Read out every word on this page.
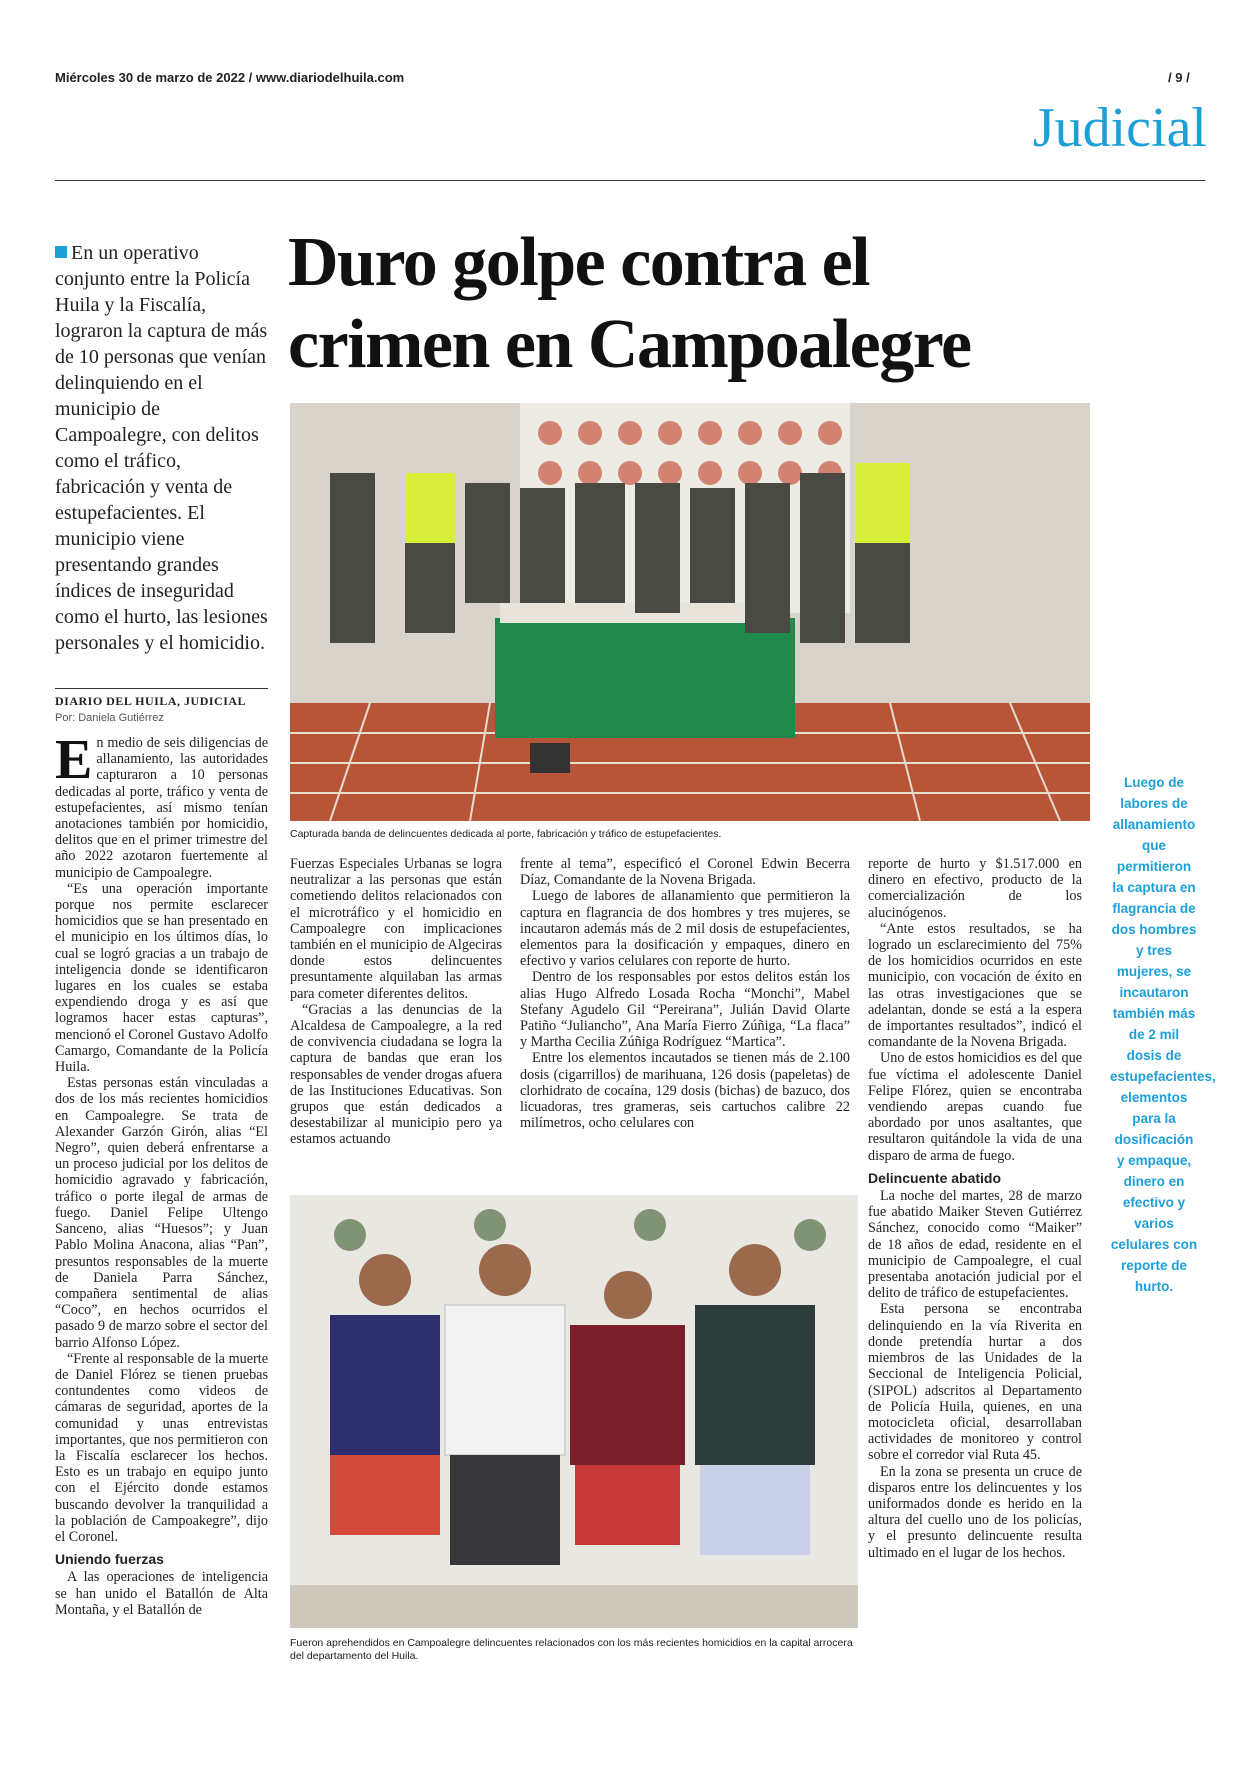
Miércoles 30 de marzo de 2022 / www.diariodelhuila.com	/ 9 /
Judicial
En un operativo conjunto entre la Policía Huila y la Fiscalía, lograron la captura de más de 10 personas que venían delinquiendo en el municipio de Campoalegre, con delitos como el tráfico, fabricación y venta de estupefacientes. El municipio viene presentando grandes índices de inseguridad como el hurto, las lesiones personales y el homicidio.
DIARIO DEL HUILA, JUDICIAL
Por: Daniela Gutiérrez
Duro golpe contra el
crimen en Campoalegre
Capturada banda de delincuentes dedicada al porte, fabricación y tráfico de estupefacientes.
Fueron aprehendidos en Campoalegre delincuentes relacionados con los más recientes homicidios en la capital arrocera del departamento del Huila.
E n medio de seis diligencias de allanamiento, las autoridades capturaron a 10 personas dedicadas al porte, tráfico y venta de estupefacientes, así mismo tenían anotaciones también por homicidio, delitos que en el primer trimestre del año 2022 azotaron fuertemente al municipio de Campoalegre.

“Es una operación importante porque nos permite esclarecer homicidios que se han presentado en el municipio en los últimos días, lo cual se logró gracias a un trabajo de inteligencia donde se identificaron lugares en los cuales se estaba expendiendo droga y es así que logramos hacer estas capturas”, mencionó el Coronel Gustavo Adolfo Camargo, Comandante de la Policía Huila.

Estas personas están vinculadas a dos de los más recientes homicidios en Campoalegre. Se trata de Alexander Garzón Girón, alias “El Negro”, quien deberá enfrentarse a un proceso judicial por los delitos de homicidio agravado y fabricación, tráfico o porte ilegal de armas de fuego. Daniel Felipe Ultengo Sanceno, alias “Huesos”; y Juan Pablo Molina Anacona, alias “Pan”, presuntos responsables de la muerte de Daniela Parra Sánchez, compañera sentimental de alias “Coco”, en hechos ocurridos el pasado 9 de marzo sobre el sector del barrio Alfonso López.

“Frente al responsable de la muerte de Daniel Flórez se tienen pruebas contundentes como videos de cámaras de seguridad, aportes de la comunidad y unas entrevistas importantes, que nos permitieron con la Fiscalía esclarecer los hechos. Esto es un trabajo en equipo junto con el Ejército donde estamos buscando devolver la tranquilidad a la población de Campoakegre”, dijo el Coronel.

Uniendo fuerzas

A las operaciones de inteligencia se han unido el Batallón de Alta Montaña, y el Batallón de

Fuerzas Especiales Urbanas se logra neutralizar a las personas que están cometiendo delitos relacionados con el microtráfico y el homicidio en Campoalegre con implicaciones también en el municipio de Algeciras donde estos delincuentes presuntamente alquilaban las armas para cometer diferentes delitos.

“Gracias a las denuncias de la Alcaldesa de Campoalegre, a la red de convivencia ciudadana se logra la captura de bandas que eran los responsables de vender drogas afuera de las Instituciones Educativas. Son grupos que están dedicados a desestabilizar al municipio pero ya estamos actuando

frente al tema”, especificó el Coronel Edwin Becerra Díaz, Comandante de la Novena Brigada.

Luego de labores de allanamiento que permitieron la captura en flagrancia de dos hombres y tres mujeres, se incautaron además más de 2 mil dosis de estupefacientes, elementos para la dosificación y empaques, dinero en efectivo y varios celulares con reporte de hurto.

Dentro de los responsables por estos delitos están los alias Hugo Alfredo Losada Rocha “Monchi”, Mabel Stefany Agudelo Gil “Pereirana”, Julián David Olarte Patiño “Juliancho”, Ana María Fierro Zúñiga, “La flaca” y Martha Cecilia Zúñiga Rodríguez “Martica”.

Entre los elementos incautados se tienen más de 2.100 dosis (cigarrillos) de marihuana, 126 dosis (papeletas) de clorhidrato de cocaína, 129 dosis (bichas) de bazuco, dos licuadoras, tres grameras, seis cartuchos calibre 22 milímetros, ocho celulares con

reporte de hurto y $1.517.000 en dinero en efectivo, producto de la comercialización de los alucinógenos.

“Ante estos resultados, se ha logrado un esclarecimiento del 75% de los homicidios ocurridos en este municipio, con vocación de éxito en las otras investigaciones que se adelantan, donde se está a la espera de importantes resultados”, indicó el comandante de la Novena Brigada.

Uno de estos homicidios es del que fue víctima el adolescente Daniel Felipe Flórez, quien se encontraba vendiendo arepas cuando fue abordado por unos asaltantes, que resultaron quitándole la vida de una disparo de arma de fuego.

Delincuente abatido

La noche del martes, 28 de marzo fue abatido Maiker Steven Gutiérrez Sánchez, conocido como “Maiker” de 18 años de edad, residente en el municipio de Campoalegre, el cual presentaba anotación judicial por el delito de tráfico de estupefacientes.

Esta persona se encontraba delinquiendo en la vía Riverita en donde pretendía hurtar a dos miembros de las Unidades de la Seccional de Inteligencia Policial, (SIPOL) adscritos al Departamento de Policía Huila, quienes, en una motocicleta oficial, desarrollaban actividades de monitoreo y control sobre el corredor vial Ruta 45.

En la zona se presenta un cruce de disparos entre los delincuentes y los uniformados donde es herido en la altura del cuello uno de los policías, y el presunto delincuente resulta ultimado en el lugar de los hechos.

Luego de labores de allanamiento que permitieron la captura en flagrancia de dos hombres y tres mujeres, se incautaron también más de 2 mil dosis de estupefacientes, elementos para la dosificación y empaque, dinero en efectivo y varios celulares con reporte de hurto.
